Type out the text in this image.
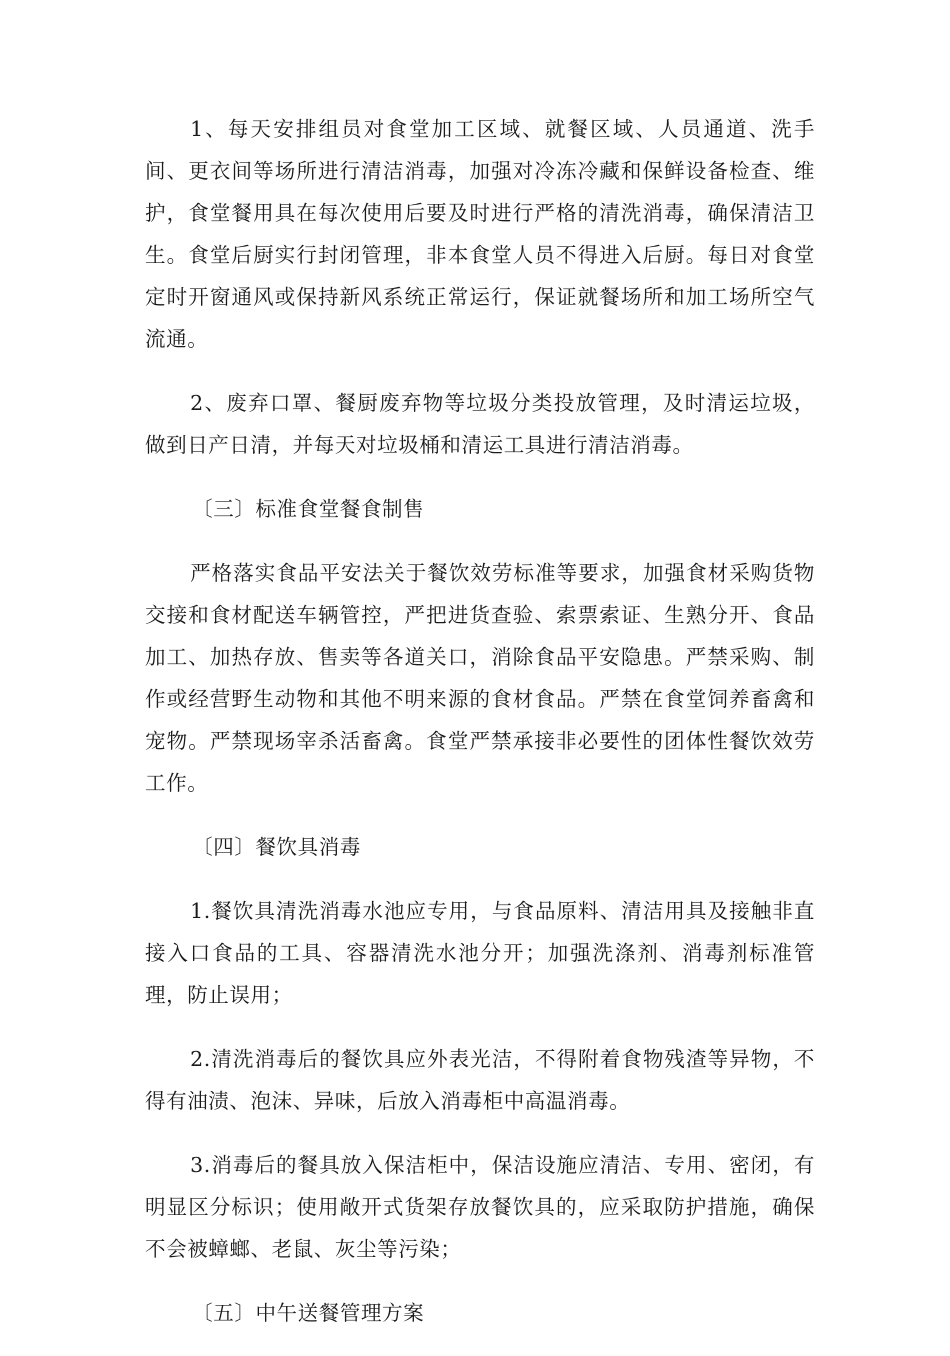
1、每天安排组员对食堂加工区域、就餐区域、人员通道、洗手间、更衣间等场所进行清洁消毒，加强对冷冻冷藏和保鲜设备检查、维护，食堂餐用具在每次使用后要及时进行严格的清洗消毒，确保清洁卫生。食堂后厨实行封闭管理，非本食堂人员不得进入后厨。每日对食堂定时开窗通风或保持新风系统正常运行，保证就餐场所和加工场所空气流通。

2、废弃口罩、餐厨废弃物等垃圾分类投放管理，及时清运垃圾，做到日产日清，并每天对垃圾桶和清运工具进行清洁消毒。

〔三〕标准食堂餐食制售

严格落实食品平安法关于餐饮效劳标准等要求，加强食材采购货物交接和食材配送车辆管控，严把进货查验、索票索证、生熟分开、食品加工、加热存放、售卖等各道关口，消除食品平安隐患。严禁采购、制作或经营野生动物和其他不明来源的食材食品。严禁在食堂饲养畜禽和宠物。严禁现场宰杀活畜禽。食堂严禁承接非必要性的团体性餐饮效劳工作。

〔四〕餐饮具消毒

1.餐饮具清洗消毒水池应专用，与食品原料、清洁用具及接触非直接入口食品的工具、容器清洗水池分开；加强洗涤剂、消毒剂标准管理，防止误用；

2.清洗消毒后的餐饮具应外表光洁，不得附着食物残渣等异物，不得有油渍、泡沫、异味，后放入消毒柜中高温消毒。

3.消毒后的餐具放入保洁柜中，保洁设施应清洁、专用、密闭，有明显区分标识；使用敞开式货架存放餐饮具的，应采取防护措施，确保不会被蟑螂、老鼠、灰尘等污染；

〔五〕中午送餐管理方案
